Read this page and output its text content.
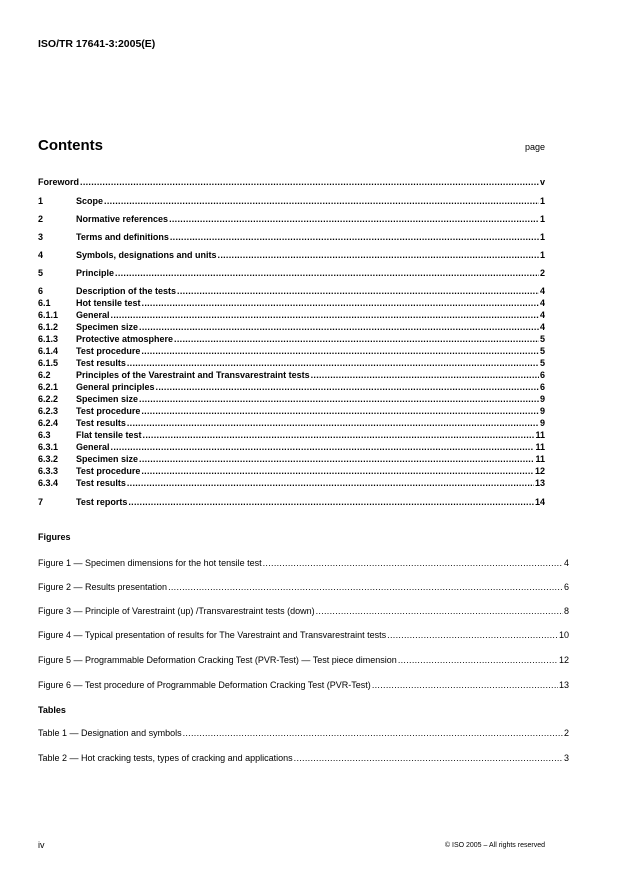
ISO/TR 17641-3:2005(E)
Contents	page
Foreword .....	v
1	Scope .....	1
2	Normative references .....	1
3	Terms and definitions .....	1
4	Symbols, designations and units .....	1
5	Principle .....	2
6	Description of the tests .....	4
6.1	Hot tensile test .....	4
6.1.1	General .....	4
6.1.2	Specimen size .....	4
6.1.3	Protective atmosphere .....	5
6.1.4	Test procedure .....	5
6.1.5	Test results .....	5
6.2	Principles of the Varestraint and Transvarestraint tests .....	6
6.2.1	General principles .....	6
6.2.2	Specimen size .....	9
6.2.3	Test procedure .....	9
6.2.4	Test results .....	9
6.3	Flat tensile test .....	11
6.3.1	General .....	11
6.3.2	Specimen size .....	11
6.3.3	Test procedure .....	12
6.3.4	Test results .....	13
7	Test reports .....	14
Figures
Figure 1 — Specimen dimensions for the hot tensile test .....	4
Figure 2 — Results presentation .....	6
Figure 3 — Principle of Varestraint (up) /Transvarestraint tests (down) .....	8
Figure 4 — Typical presentation of results for The Varestraint and Transvarestraint tests .....	10
Figure 5 — Programmable Deformation Cracking Test (PVR-Test) — Test piece dimension .....	12
Figure 6 — Test procedure of Programmable Deformation Cracking Test (PVR-Test) .....	13
Tables
Table 1 — Designation and symbols .....	2
Table 2 — Hot cracking tests, types of cracking and applications .....	3
iv	© ISO 2005 – All rights reserved
